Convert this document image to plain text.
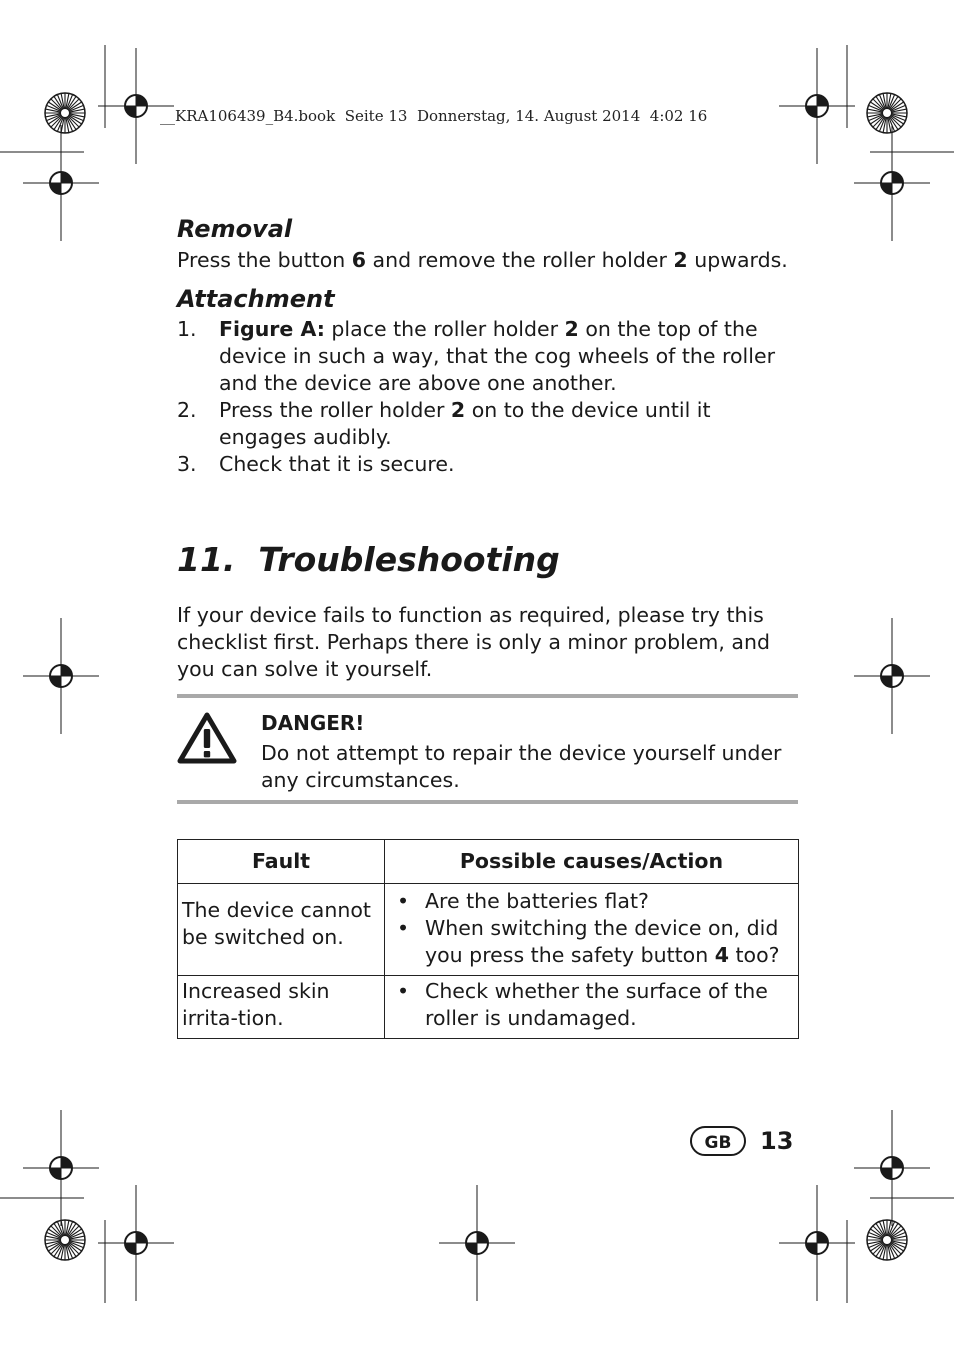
__KRA106439_B4.book  Seite 13  Donnerstag, 14. August 2014  4:02 16
Removal
Press the button 6 and remove the roller holder 2 upwards.
Attachment
1. Figure A: place the roller holder 2 on the top of the device in such a way, that the cog wheels of the roller and the device are above one another.
2. Press the roller holder 2 on to the device until it engages audibly.
3. Check that it is secure.
11.  Troubleshooting
If your device fails to function as required, please try this checklist first. Perhaps there is only a minor problem, and you can solve it yourself.
DANGER!
Do not attempt to repair the device yourself under any circumstances.
Fault	Possible causes/Action
The device cannot be switched on.	• Are the batteries flat?
• When switching the device on, did you press the safety button 4 too?

Increased skin irrita-tion.	• Check whether the surface of the roller is undamaged.
GB 13
